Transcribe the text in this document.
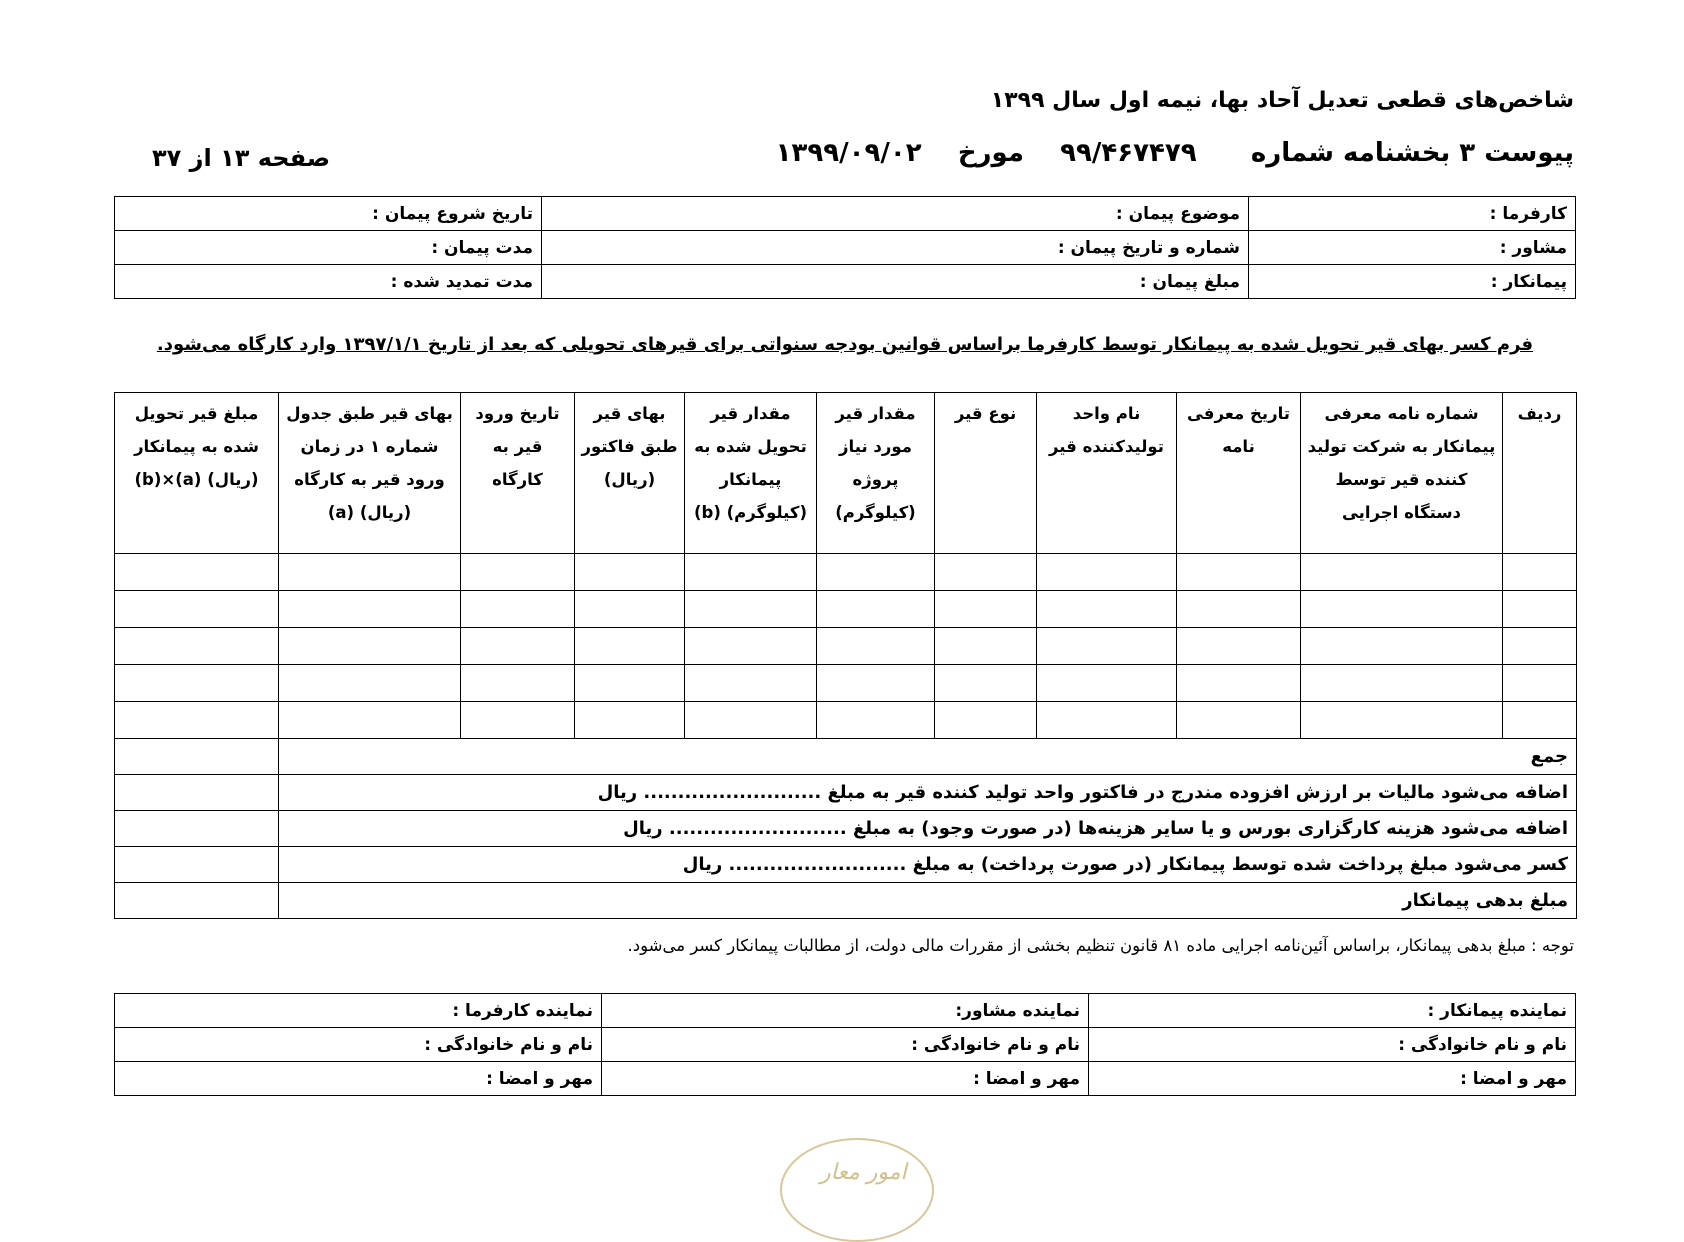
شاخص‌های قطعی تعدیل آحاد بها، نیمه اول سال ۱۳۹۹
پیوست ۳ بخشنامه شماره      ۹۹/۴۶۷۴۷۹    مورخ    ۱۳۹۹/۰۹/۰۲
صفحه ۱۳ از ۳۷
کارفرما :	موضوع پیمان :	تاریخ شروع پیمان :
مشاور :	شماره و تاریخ پیمان :	مدت پیمان :
پیمانکار :	مبلغ پیمان :	مدت تمدید شده :
فرم کسر بهای قیر تحویل شده به پیمانکار توسط کارفرما براساس قوانین بودجه سنواتی برای قیرهای تحویلی که بعد از تاریخ ۱۳۹۷/۱/۱ وارد کارگاه می‌شود.
ردیف	شماره نامه معرفی پیمانکار به شرکت تولید کننده قیر توسط دستگاه اجرایی	تاریخ معرفی نامه	نام واحد تولیدکننده قیر	نوع قیر	مقدار قیر مورد نیاز پروژه (کیلوگرم)	مقدار قیر تحویل شده به پیمانکار (کیلوگرم) (b)	بهای قیر طبق فاکتور (ریال)	تاریخ ورود قیر به کارگاه	بهای قیر طبق جدول شماره ۱ در زمان ورود قیر به کارگاه (ریال) (a)	مبلغ قیر تحویل شده به پیمانکار (ریال) (a)×(b)

جمع										
اضافه می‌شود مالیات بر ارزش افزوده مندرج در فاکتور واحد تولید کننده قیر به مبلغ .......................... ریال										
اضافه می‌شود هزینه کارگزاری بورس و یا سایر هزینه‌ها (در صورت وجود) به مبلغ .......................... ریال										
کسر می‌شود مبلغ پرداخت شده توسط پیمانکار (در صورت پرداخت) به مبلغ .......................... ریال										
مبلغ بدهی پیمانکار										
توجه : مبلغ بدهی پیمانکار، براساس آئین‌نامه اجرایی ماده ۸۱ قانون تنظیم بخشی از مقررات مالی دولت، از مطالبات پیمانکار کسر می‌شود.
نماینده پیمانکار :	نماینده مشاور:	نماینده کارفرما :
نام و نام خانوادگی :	نام و نام خانوادگی :	نام و نام خانوادگی :
مهر و امضا :	مهر و امضا :	مهر و امضا :
امور معار
